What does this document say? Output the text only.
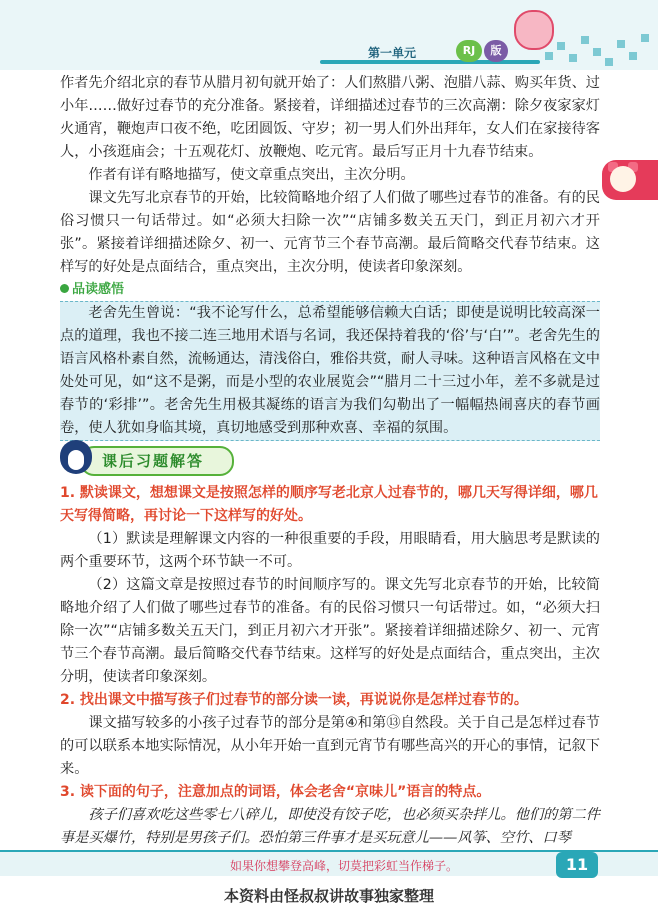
第一单元	RJ	版

作者先介绍北京的春节从腊月初旬就开始了：人们熬腊八粥、泡腊八蒜、购买年货、过小年……做好过春节的充分准备。紧接着，详细描述过春节的三次高潮：除夕夜家家灯火通宵，鞭炮声口夜不绝，吃团圆饭、守岁；初一男人们外出拜年，女人们在家接待客人，小孩逛庙会；十五观花灯、放鞭炮、吃元宵。最后写正月十九春节结束。

作者有详有略地描写，使文章重点突出，主次分明。

课文先写北京春节的开始，比较简略地介绍了人们做了哪些过春节的准备。有的民俗习惯只一句话带过。如“必须大扫除一次”“店铺多数关五天门，到正月初六才开张”。紧接着详细描述除夕、初一、元宵节三个春节高潮。最后简略交代春节结束。这样写的好处是点面结合，重点突出，主次分明，使读者印象深刻。

品读感悟

老舍先生曾说：“我不论写什么，总希望能够信赖大白话；即使是说明比较高深一点的道理，我也不接二连三地用术语与名词，我还保持着我的‘俗’与‘白’”。老舍先生的语言风格朴素自然，流畅通达，清浅俗白，雅俗共赏，耐人寻味。这种语言风格在文中处处可见，如“这不是粥，而是小型的农业展览会”“腊月二十三过小年，差不多就是过春节的‘彩排’”。老舍先生用极其凝练的语言为我们勾勒出了一幅幅热闹喜庆的春节画卷，使人犹如身临其境，真切地感受到那种欢喜、幸福的氛围。

课后习题解答

1. 默读课文，想想课文是按照怎样的顺序写老北京人过春节的，哪几天写得详细，哪几天写得简略，再讨论一下这样写的好处。

（1）默读是理解课文内容的一种很重要的手段，用眼睛看，用大脑思考是默读的两个重要环节，这两个环节缺一不可。

（2）这篇文章是按照过春节的时间顺序写的。课文先写北京春节的开始，比较简略地介绍了人们做了哪些过春节的准备。有的民俗习惯只一句话带过。如，“必须大扫除一次”“店铺多数关五天门，到正月初六才开张”。紧接着详细描述除夕、初一、元宵节三个春节高潮。最后简略交代春节结束。这样写的好处是点面结合，重点突出，主次分明，使读者印象深刻。

2. 找出课文中描写孩子们过春节的部分读一读，再说说你是怎样过春节的。

课文描写较多的小孩子过春节的部分是第④和第⑬自然段。关于自己是怎样过春节的可以联系本地实际情况，从小年开始一直到元宵节有哪些高兴的开心的事情，记叙下来。

3. 读下面的句子，注意加点的词语，体会老舍“京味儿”语言的特点。

孩子们喜欢吃这些零七八碎儿，即使没有饺子吃，也必须买杂拌儿。他们的第二件事是买爆竹，特别是男孩子们。恐怕第三件事才是买玩意儿——风筝、空竹、口琴

如果你想攀登高峰，切莫把彩虹当作梯子。	11
本资料由怪叔叔讲故事独家整理
